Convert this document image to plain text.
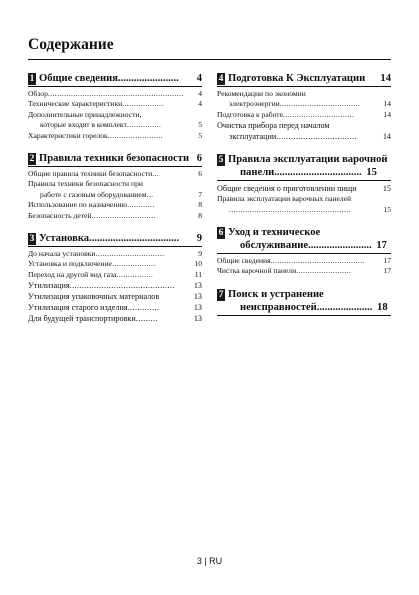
Содержание
1 Общие сведения.......................	4
Обзор ...........................................................	4
Технические характеристики ..................	4
Дополнительные принадлежности,
которые входят в комплект ...............	5
Характеристики горелок ........................	5
2 Правила техники безопасности 6
Общие правила техники безопасности ...	6
Правила техники безопасности при
работе с газовым оборудованием ...	7
Использование по назначению ............	8
Безопасность детей ............................	8
3 Установка..................................	9
До начала установки ..............................	9
Установка и подключение ...................	10
Переход на другой вид газа ................	11
Утилизация ...........................................	13
Утилизация упаковочных материалов	13
Утилизация старого изделия .............	13
Для будущей транспортировки .........	13
4 Подготовка К Эксплуатации	14
Рекомендации по экономии
электроэнергии ...................................	14
Подготовка к работе ...............................	14
Очистка прибора перед началом
эксплуатации .................................	14
5 Правила эксплуатации варочной
панели................................. 15
Общие сведения о приготовлении пищи	15
Правила эксплуатации варочных панелей
.....................................................	15
6 Уход и техническое
обслуживание........................ 17
Общие сведения .........................................	17
Чистка варочной панели ........................	17
7 Поиск и устранение
неисправностей..................... 18
3 | RU
